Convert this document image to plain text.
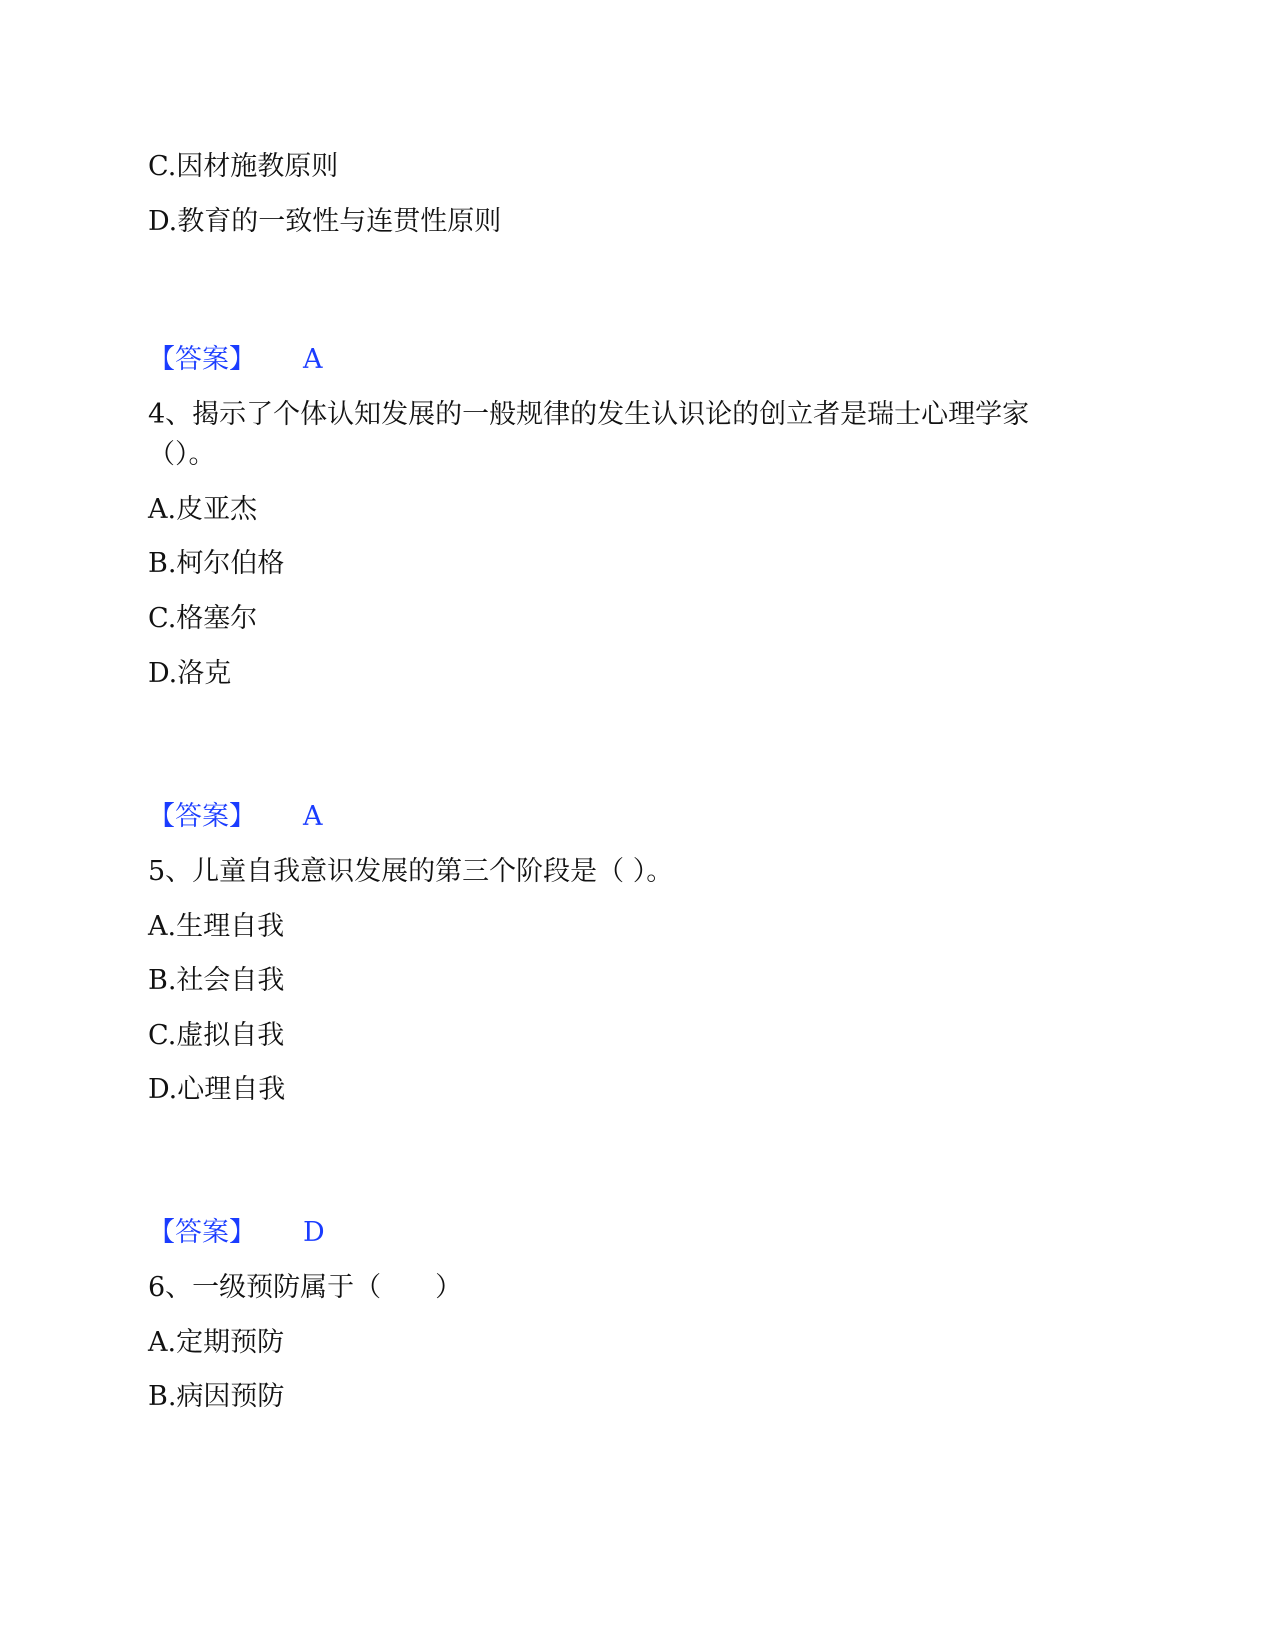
C.因材施教原则
D.教育的一致性与连贯性原则
【答案】 A
4、揭示了个体认知发展的一般规律的发生认识论的创立者是瑞士心理学家
（）。
A.皮亚杰
B.柯尔伯格
C.格塞尔
D.洛克
【答案】 A
5、儿童自我意识发展的第三个阶段是（ ）。
A.生理自我
B.社会自我
C.虚拟自我
D.心理自我
【答案】 D
6、一级预防属于（　　）
A.定期预防
B.病因预防
